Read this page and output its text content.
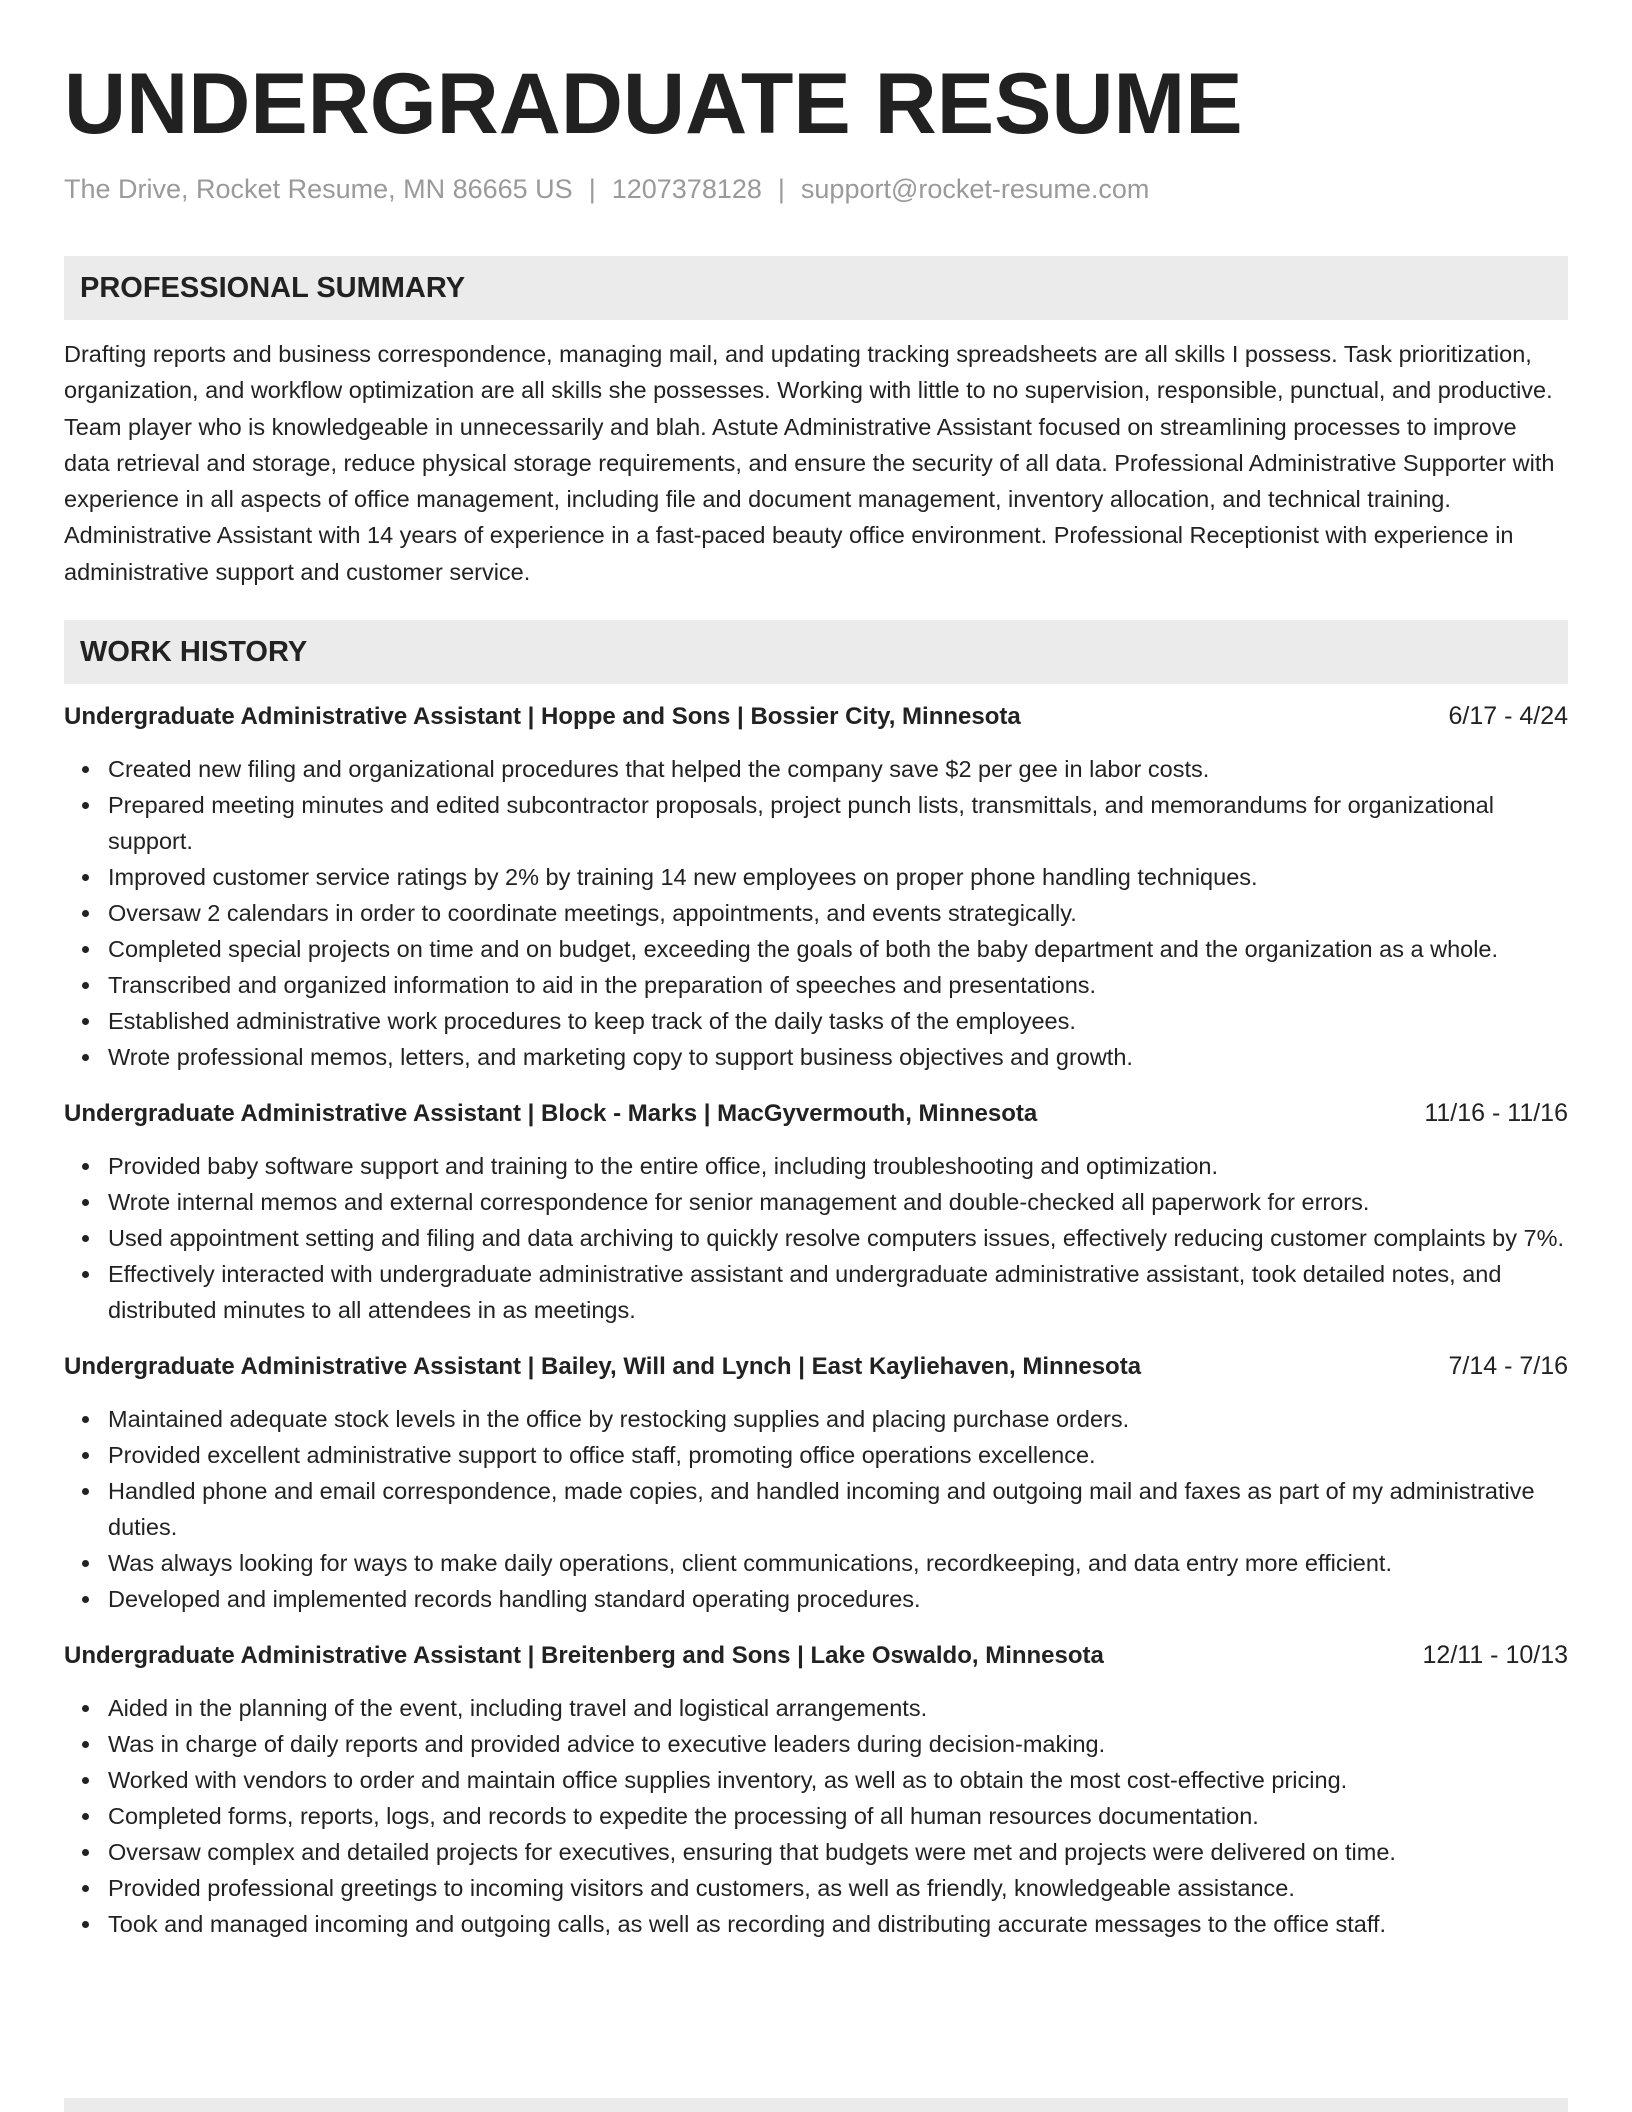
UNDERGRADUATE RESUME
The Drive, Rocket Resume, MN 86665 US | 1207378128 | support@rocket-resume.com
PROFESSIONAL SUMMARY

Drafting reports and business correspondence, managing mail, and updating tracking spreadsheets are all skills I possess. Task prioritization, organization, and workflow optimization are all skills she possesses. Working with little to no supervision, responsible, punctual, and productive. Team player who is knowledgeable in unnecessarily and blah. Astute Administrative Assistant focused on streamlining processes to improve data retrieval and storage, reduce physical storage requirements, and ensure the security of all data. Professional Administrative Supporter with experience in all aspects of office management, including file and document management, inventory allocation, and technical training. Administrative Assistant with 14 years of experience in a fast-paced beauty office environment. Professional Receptionist with experience in administrative support and customer service.

WORK HISTORY
Undergraduate Administrative Assistant | Hoppe and Sons | Bossier City, Minnesota	6/17 - 4/24
Created new filing and organizational procedures that helped the company save $2 per gee in labor costs.
Prepared meeting minutes and edited subcontractor proposals, project punch lists, transmittals, and memorandums for organizational support.
Improved customer service ratings by 2% by training 14 new employees on proper phone handling techniques.
Oversaw 2 calendars in order to coordinate meetings, appointments, and events strategically.
Completed special projects on time and on budget, exceeding the goals of both the baby department and the organization as a whole.
Transcribed and organized information to aid in the preparation of speeches and presentations.
Established administrative work procedures to keep track of the daily tasks of the employees.
Wrote professional memos, letters, and marketing copy to support business objectives and growth.
Undergraduate Administrative Assistant | Block - Marks | MacGyvermouth, Minnesota	11/16 - 11/16
Provided baby software support and training to the entire office, including troubleshooting and optimization.
Wrote internal memos and external correspondence for senior management and double-checked all paperwork for errors.
Used appointment setting and filing and data archiving to quickly resolve computers issues, effectively reducing customer complaints by 7%.
Effectively interacted with undergraduate administrative assistant and undergraduate administrative assistant, took detailed notes, and distributed minutes to all attendees in as meetings.
Undergraduate Administrative Assistant | Bailey, Will and Lynch | East Kayliehaven, Minnesota	7/14 - 7/16
Maintained adequate stock levels in the office by restocking supplies and placing purchase orders.
Provided excellent administrative support to office staff, promoting office operations excellence.
Handled phone and email correspondence, made copies, and handled incoming and outgoing mail and faxes as part of my administrative duties.
Was always looking for ways to make daily operations, client communications, recordkeeping, and data entry more efficient.
Developed and implemented records handling standard operating procedures.
Undergraduate Administrative Assistant | Breitenberg and Sons | Lake Oswaldo, Minnesota	12/11 - 10/13
Aided in the planning of the event, including travel and logistical arrangements.
Was in charge of daily reports and provided advice to executive leaders during decision-making.
Worked with vendors to order and maintain office supplies inventory, as well as to obtain the most cost-effective pricing.
Completed forms, reports, logs, and records to expedite the processing of all human resources documentation.
Oversaw complex and detailed projects for executives, ensuring that budgets were met and projects were delivered on time.
Provided professional greetings to incoming visitors and customers, as well as friendly, knowledgeable assistance.
Took and managed incoming and outgoing calls, as well as recording and distributing accurate messages to the office staff.
